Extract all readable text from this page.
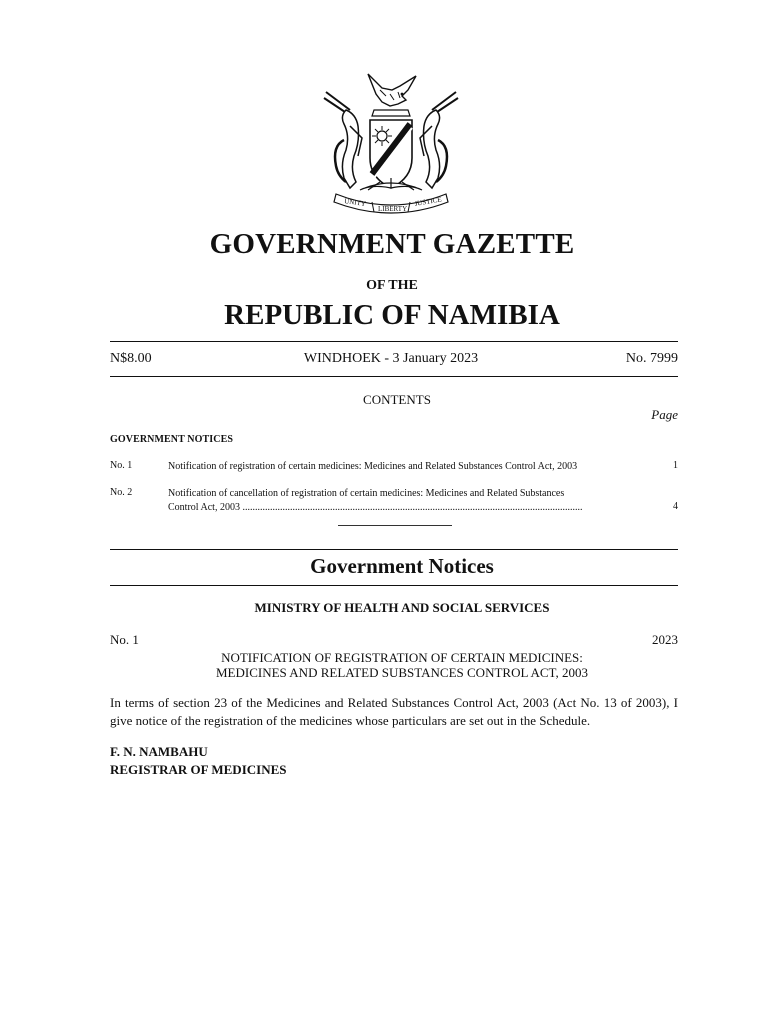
UNITY
LIBERTY
JUSTICE
GOVERNMENT GAZETTE
OF THE
REPUBLIC OF NAMIBIA
N$8.00	WINDHOEK - 3 January 2023	No. 7999
CONTENTS
Page
GOVERNMENT NOTICES
No. 1	Notification of registration of certain medicines: Medicines and Related Substances Control Act, 2003	1
No. 2	Notification of cancellation of registration of certain medicines: Medicines and Related Substances
Control Act, 2003 ........................................................................................................................................	4
Government Notices
MINISTRY OF HEALTH AND SOCIAL SERVICES
No. 1	2023
NOTIFICATION OF REGISTRATION OF CERTAIN MEDICINES:
MEDICINES AND RELATED SUBSTANCES CONTROL ACT, 2003
In terms of section 23 of the Medicines and Related Substances Control Act, 2003 (Act No. 13 of 2003), I give notice of the registration of the medicines whose particulars are set out in the Schedule.
F. N. NAMBAHU
REGISTRAR OF MEDICINES
